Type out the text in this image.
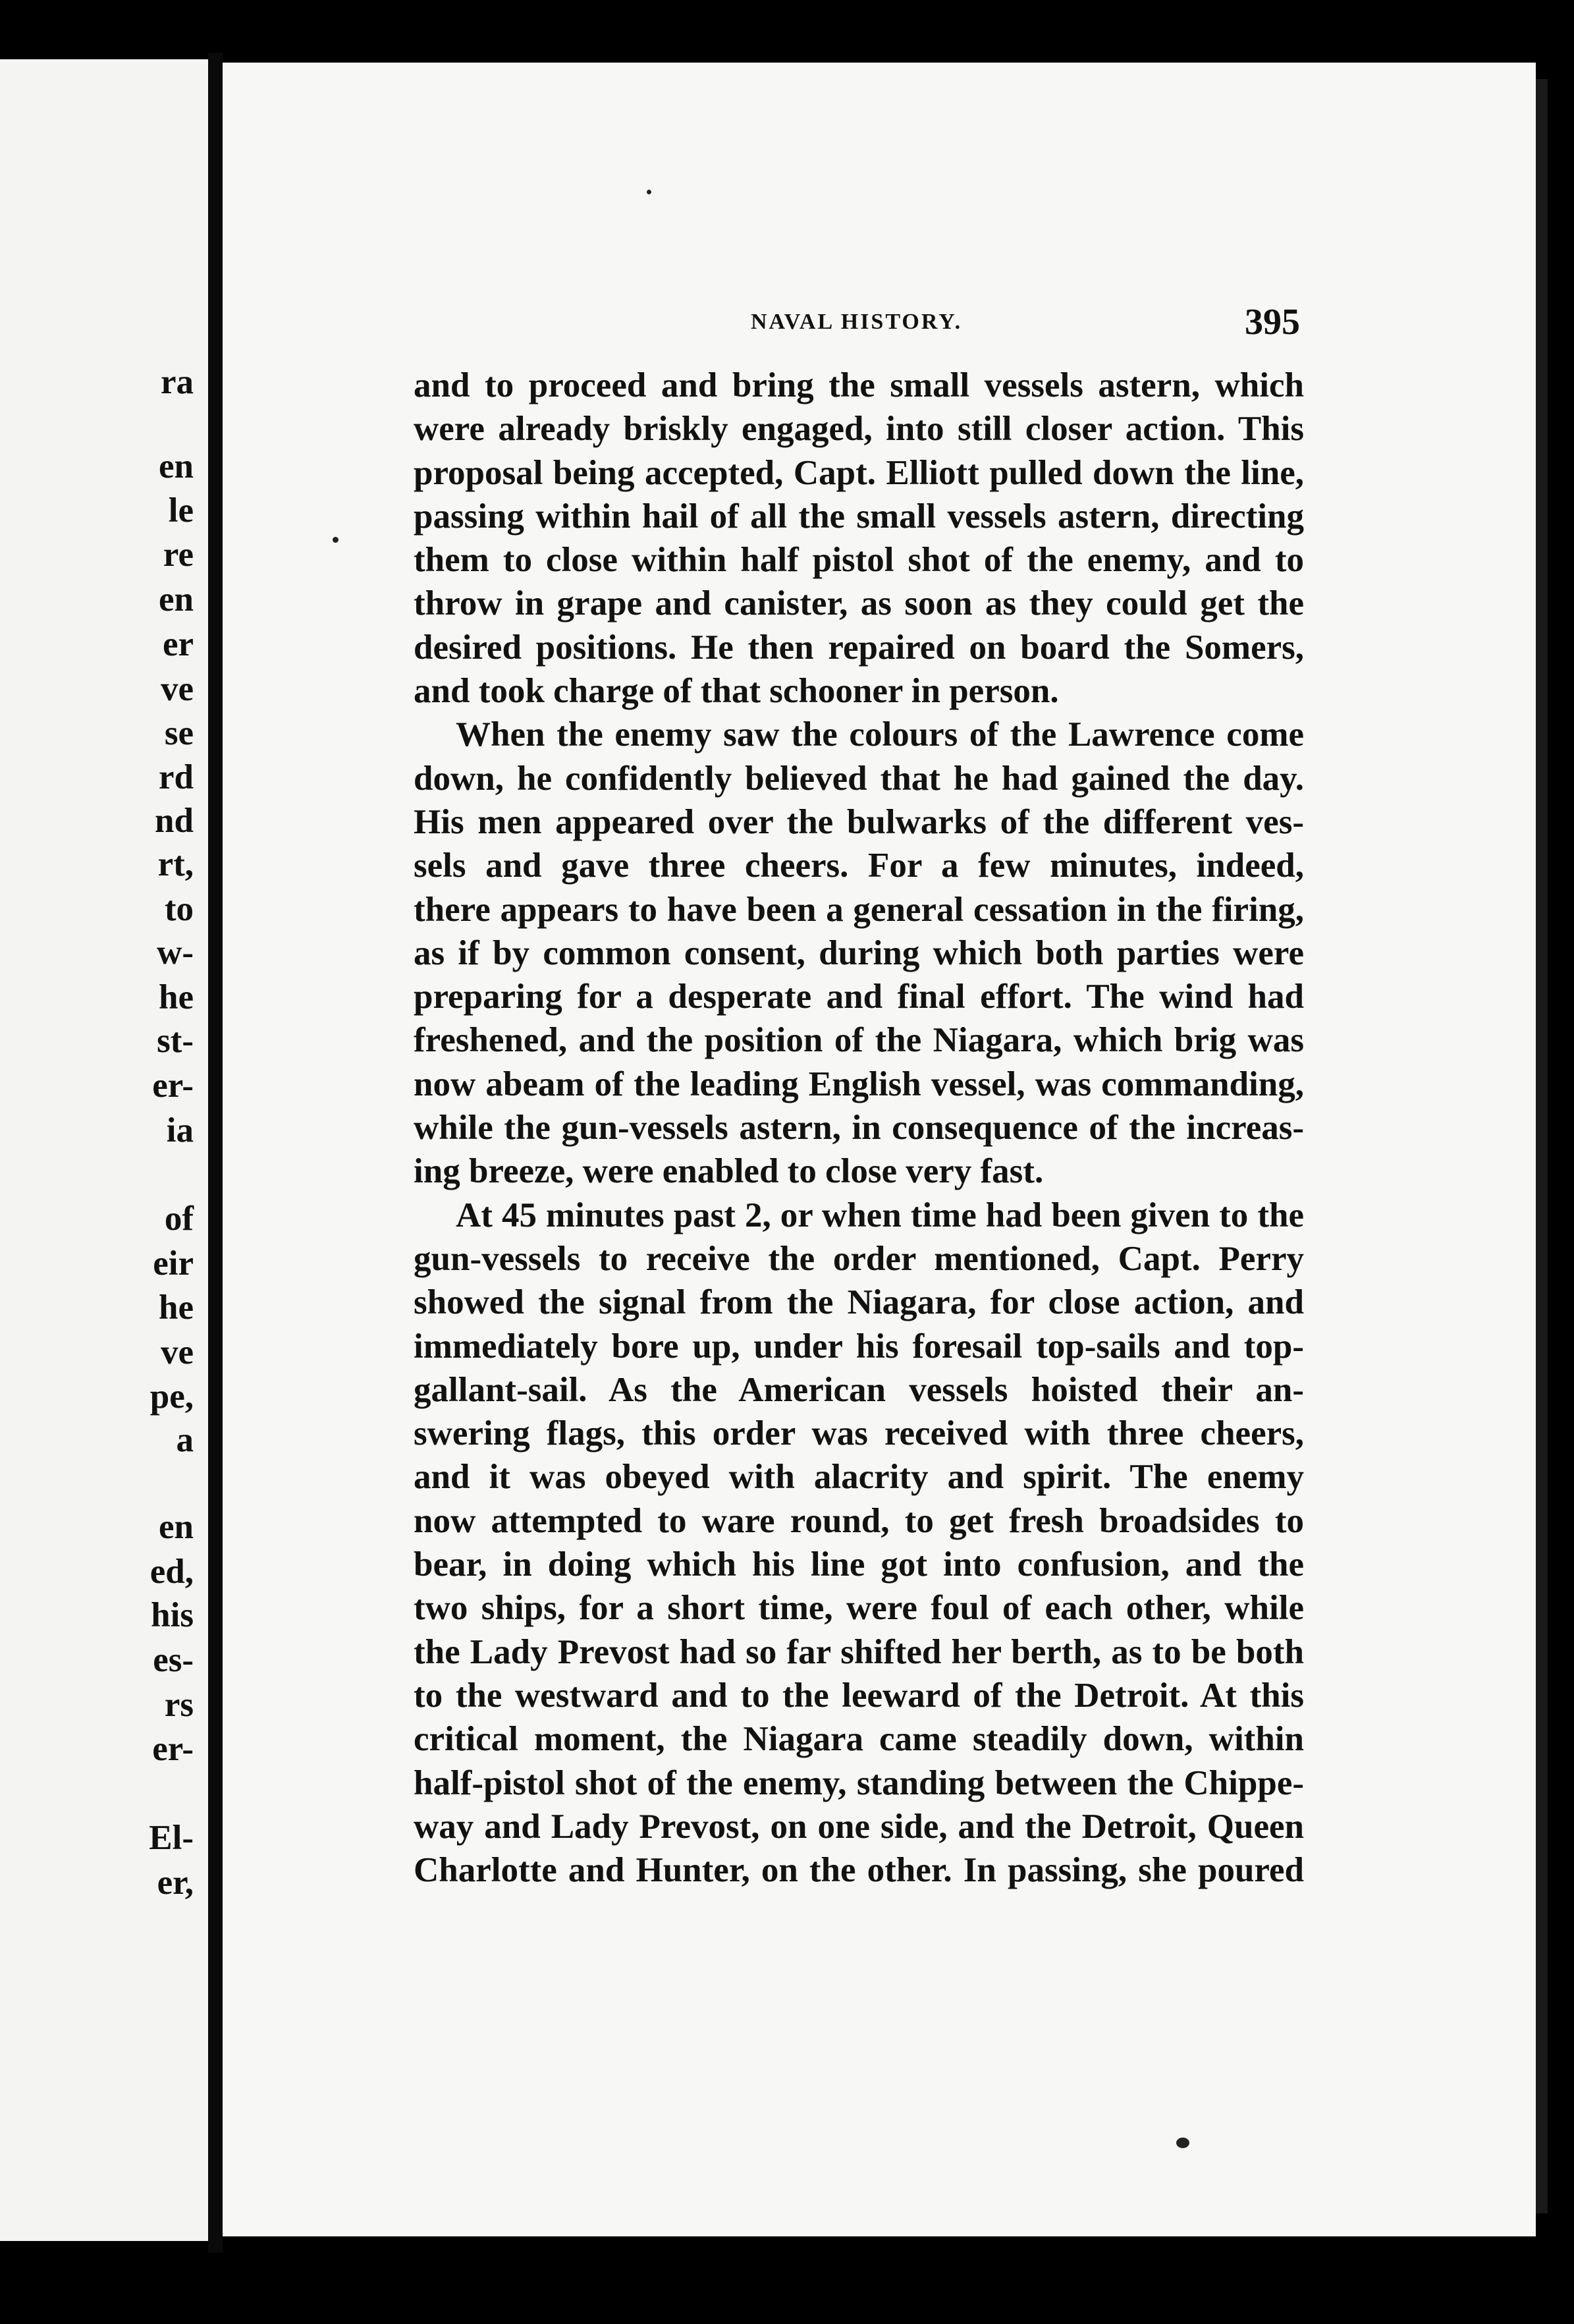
ra
en
le
re
en
er
ve
se
rd
nd
rt,
to
w-
he
st-
er-
ia
of
eir
he
ve
pe,
a
en
ed,
his
es-
rs
er-
El-
er,
NAVAL HISTORY.	395
and to proceed and bring the small vessels astern, which
were already briskly engaged, into still closer action. This
proposal being accepted, Capt. Elliott pulled down the line,
passing within hail of all the small vessels astern, directing
them to close within half pistol shot of the enemy, and to
throw in grape and canister, as soon as they could get the
desired positions. He then repaired on board the Somers,
and took charge of that schooner in person.
When the enemy saw the colours of the Lawrence come
down, he confidently believed that he had gained the day.
His men appeared over the bulwarks of the different ves-
sels and gave three cheers. For a few minutes, indeed,
there appears to have been a general cessation in the firing,
as if by common consent, during which both parties were
preparing for a desperate and final effort. The wind had
freshened, and the position of the Niagara, which brig was
now abeam of the leading English vessel, was commanding,
while the gun-vessels astern, in consequence of the increas-
ing breeze, were enabled to close very fast.
At 45 minutes past 2, or when time had been given to the
gun-vessels to receive the order mentioned, Capt. Perry
showed the signal from the Niagara, for close action, and
immediately bore up, under his foresail top-sails and top-
gallant-sail. As the American vessels hoisted their an-
swering flags, this order was received with three cheers,
and it was obeyed with alacrity and spirit. The enemy
now attempted to ware round, to get fresh broadsides to
bear, in doing which his line got into confusion, and the
two ships, for a short time, were foul of each other, while
the Lady Prevost had so far shifted her berth, as to be both
to the westward and to the leeward of the Detroit. At this
critical moment, the Niagara came steadily down, within
half-pistol shot of the enemy, standing between the Chippe-
way and Lady Prevost, on one side, and the Detroit, Queen
Charlotte and Hunter, on the other. In passing, she poured
